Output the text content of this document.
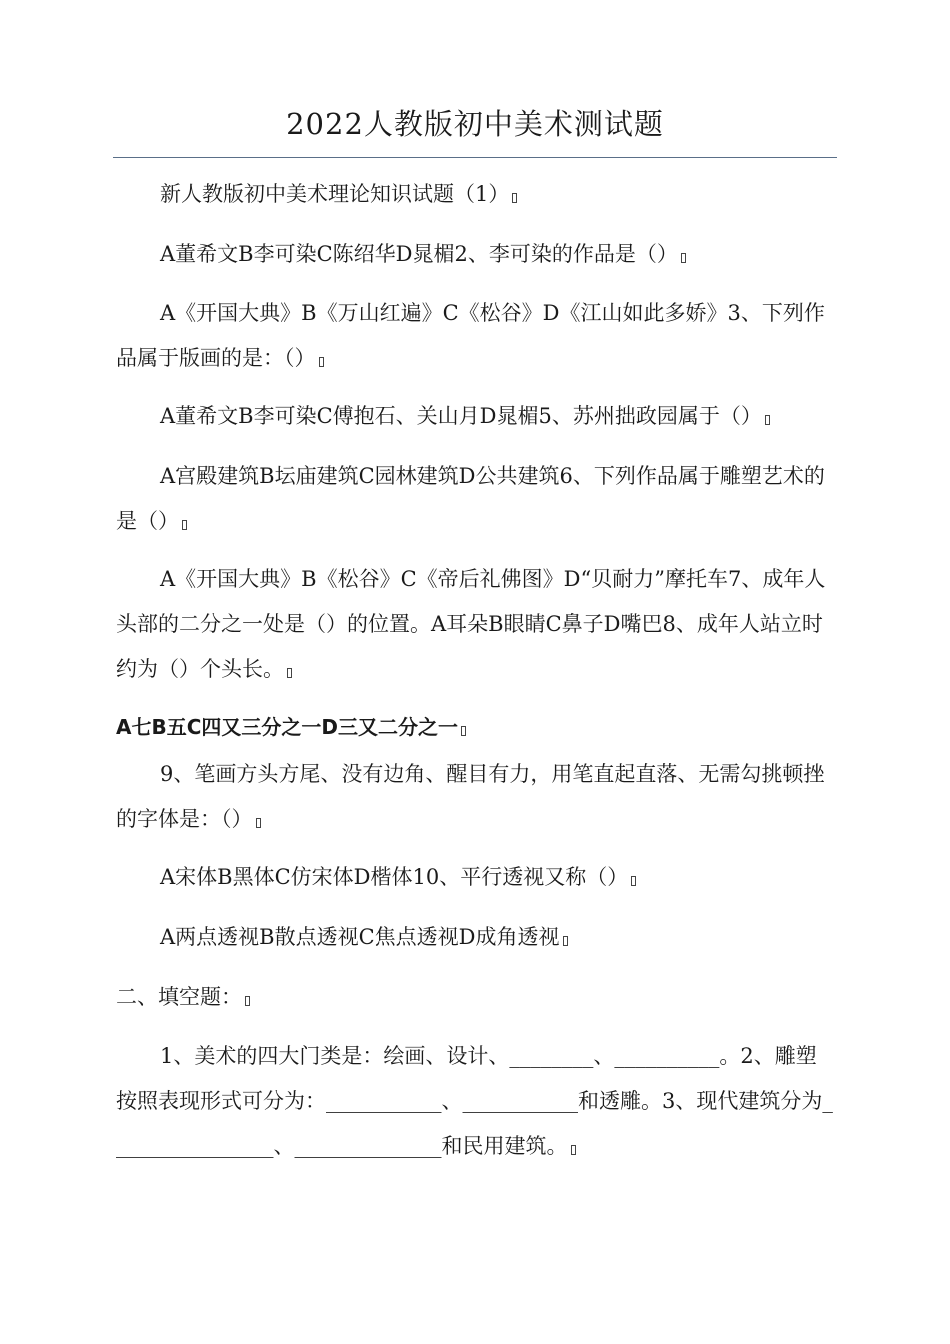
2022人教版初中美术测试题
新人教版初中美术理论知识试题（1）
A董希文B李可染C陈绍华D晁楣2、李可染的作品是（）
A《开国大典》B《万山红遍》C《松谷》D《江山如此多娇》3、下列作品属于版画的是：（）
A董希文B李可染C傅抱石、关山月D晁楣5、苏州拙政园属于（）
A宫殿建筑B坛庙建筑C园林建筑D公共建筑6、下列作品属于雕塑艺术的是（）
A《开国大典》B《松谷》C《帝后礼佛图》D“贝耐力”摩托车7、成年人头部的二分之一处是（）的位置。A耳朵B眼睛C鼻子D嘴巴8、成年人站立时约为（）个头长。
A七B五C四又三分之一D三又二分之一
9、笔画方头方尾、没有边角、醒目有力，用笔直起直落、无需勾挑顿挫的字体是：（）
A宋体B黑体C仿宋体D楷体10、平行透视又称（）
A两点透视B散点透视C焦点透视D成角透视
二、填空题：
1、美术的四大门类是：绘画、设计、________、__________。2、雕塑按照表现形式可分为：___________、___________和透雕。3、现代建筑分为________________、______________和民用建筑。
